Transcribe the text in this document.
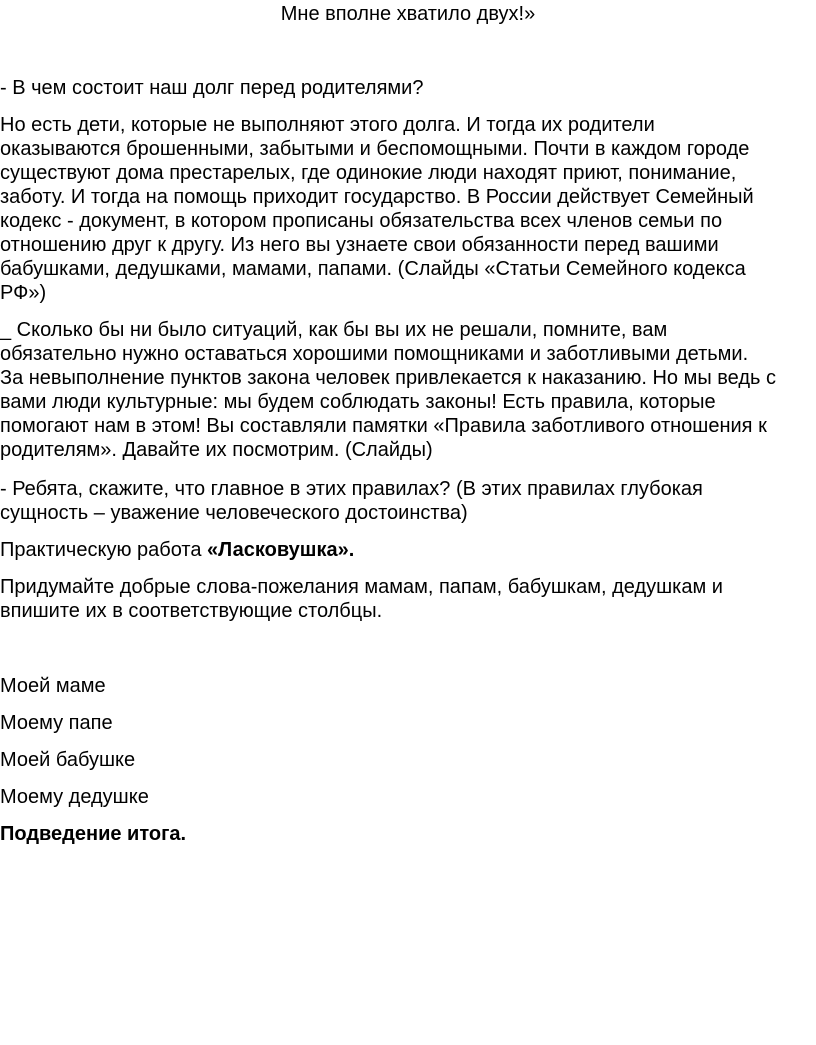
Мне вполне хватило двух!»

- В чем состоит наш долг перед родителями?

Но есть дети, которые не выполняют этого долга. И тогда их родители

оказываются брошенными, забытыми и беспомощными. Почти в каждом городе

существуют дома престарелых, где одинокие люди находят приют, понимание,

заботу. И тогда на помощь приходит государство. В России действует Семейный

кодекс - документ, в котором прописаны обязательства всех членов семьи по

отношению друг к другу. Из него вы узнаете свои обязанности перед вашими

бабушками, дедушками, мамами, папами. (Слайды «Статьи Семейного кодекса

РФ»)

_ Сколько бы ни было ситуаций, как бы вы их не решали, помните, вам

обязательно нужно оставаться хорошими помощниками и заботливыми детьми.

За невыполнение пунктов закона человек привлекается к наказанию. Но мы ведь с

вами люди культурные: мы будем соблюдать законы! Есть правила, которые

помогают нам в этом! Вы составляли памятки «Правила заботливого отношения к

родителям». Давайте их посмотрим. (Слайды)

- Ребята, скажите, что главное в этих правилах? (В этих правилах глубокая

сущность – уважение человеческого достоинства)

Практическую работа «Ласковушка».

Придумайте добрые слова-пожелания мамам, папам, бабушкам, дедушкам и

впишите их в соответствующие столбцы.

Моей маме

Моему папе

Моей бабушке

Моему дедушке

Подведение итога.
